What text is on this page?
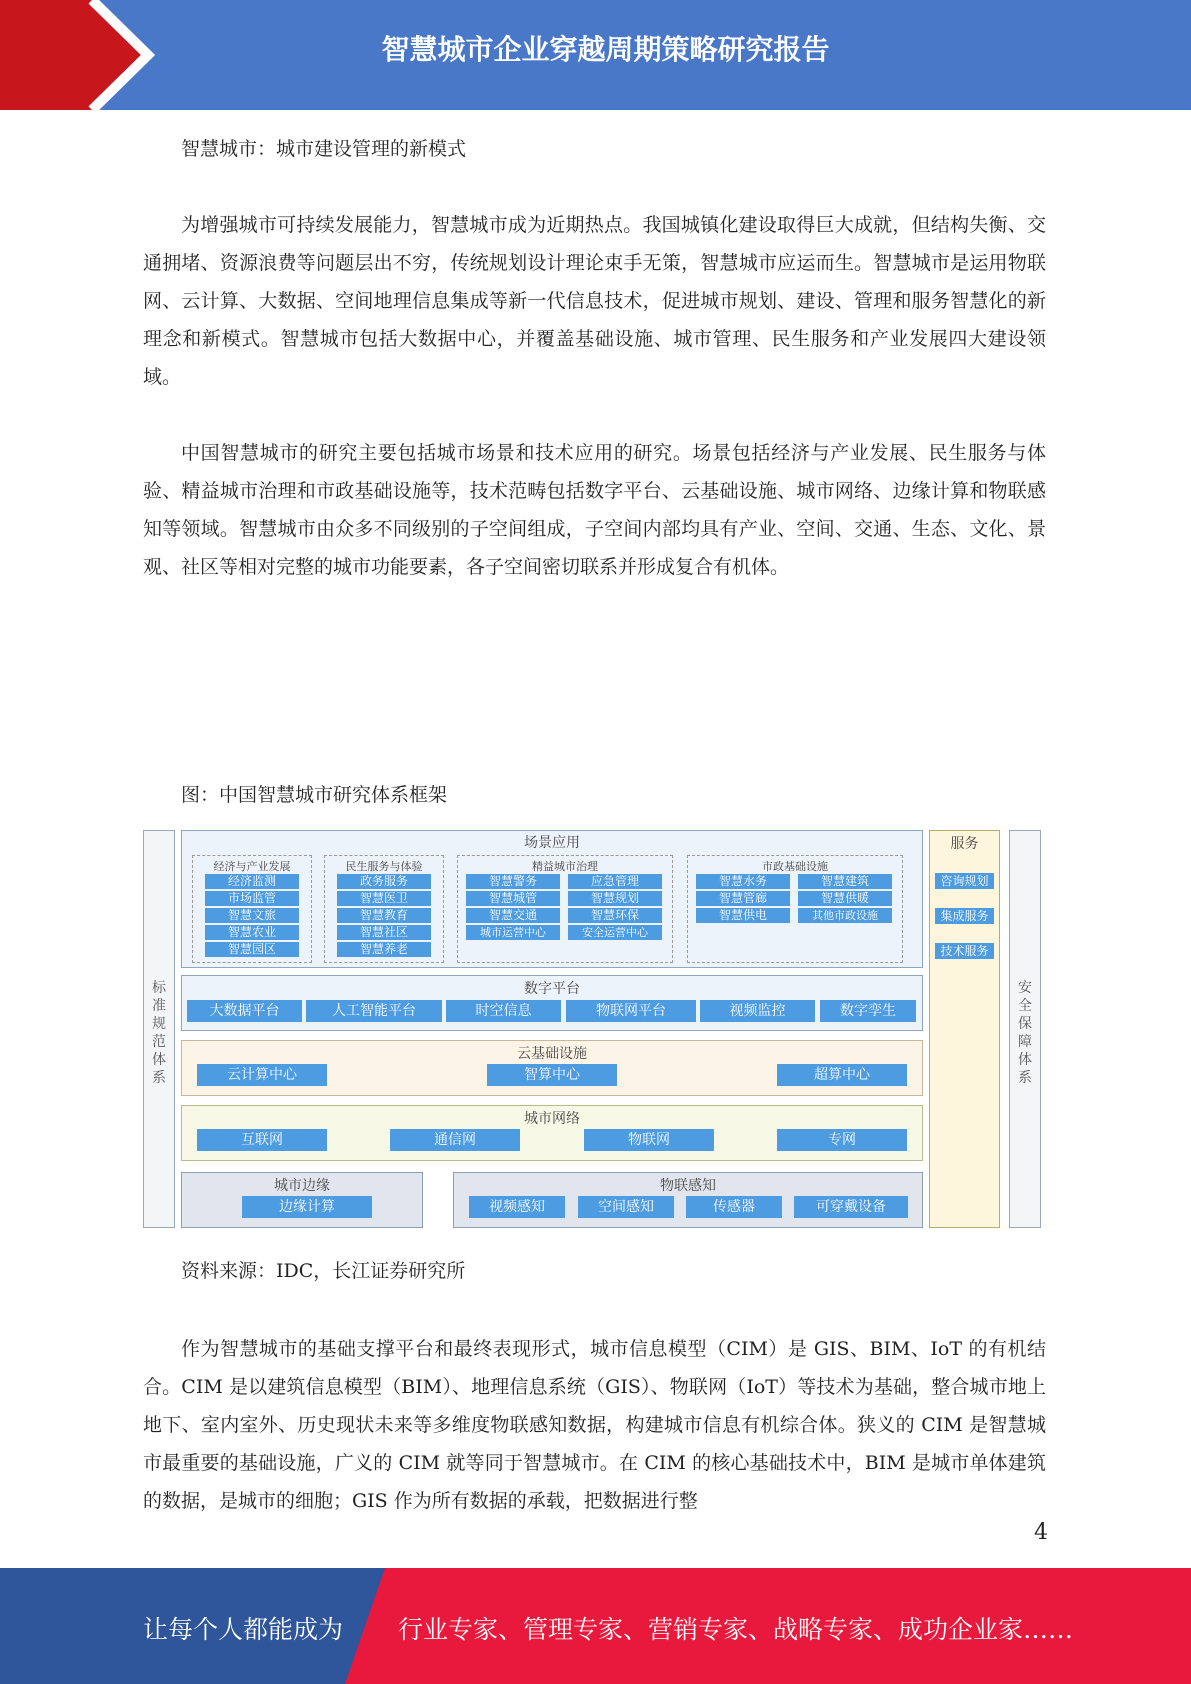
智慧城市企业穿越周期策略研究报告

智慧城市：城市建设管理的新模式

为增强城市可持续发展能力，智慧城市成为近期热点。我国城镇化建设取得巨大成就，但结构失衡、交通拥堵、资源浪费等问题层出不穷，传统规划设计理论束手无策，智慧城市应运而生。智慧城市是运用物联网、云计算、大数据、空间地理信息集成等新一代信息技术，促进城市规划、建设、管理和服务智慧化的新理念和新模式。智慧城市包括大数据中心，并覆盖基础设施、城市管理、民生服务和产业发展四大建设领域。

中国智慧城市的研究主要包括城市场景和技术应用的研究。场景包括经济与产业发展、民生服务与体验、精益城市治理和市政基础设施等，技术范畴包括数字平台、云基础设施、城市网络、边缘计算和物联感知等领域。智慧城市由众多不同级别的子空间组成，子空间内部均具有产业、空间、交通、生态、文化、景观、社区等相对完整的城市功能要素，各子空间密切联系并形成复合有机体。

图：中国智慧城市研究体系框架
标
准
规
范
体
系
安
全
保
障
体
系
服务
咨询规划
集成服务
技术服务
场景应用
经济与产业发展
经济监测
市场监管
智慧文旅
智慧农业
智慧园区
民生服务与体验
政务服务
智慧医卫
智慧教育
智慧社区
智慧养老
精益城市治理
智慧警务	应急管理
智慧城管	智慧规划
智慧交通	智慧环保
城市运营中心	安全运营中心
市政基础设施
智慧水务	智慧建筑
智慧管廊	智慧供暖
智慧供电	其他市政设施
数字平台
大数据平台	人工智能平台	时空信息	物联网平台	视频监控	数字孪生
云基础设施
云计算中心	智算中心	超算中心
城市网络
互联网	通信网	物联网	专网
城市边缘
边缘计算
物联感知
视频感知	空间感知	传感器	可穿戴设备
资料来源：IDC，长江证券研究所

作为智慧城市的基础支撑平台和最终表现形式，城市信息模型（CIM）是 GIS、BIM、IoT 的有机结合。CIM 是以建筑信息模型（BIM）、地理信息系统（GIS）、物联网（IoT）等技术为基础，整合城市地上地下、室内室外、历史现状未来等多维度物联感知数据，构建城市信息有机综合体。狭义的 CIM 是智慧城市最重要的基础设施，广义的 CIM 就等同于智慧城市。在 CIM 的核心基础技术中，BIM 是城市单体建筑的数据，是城市的细胞；GIS 作为所有数据的承载，把数据进行整

4
让每个人都能成为 行业专家、管理专家、营销专家、战略专家、成功企业家……
